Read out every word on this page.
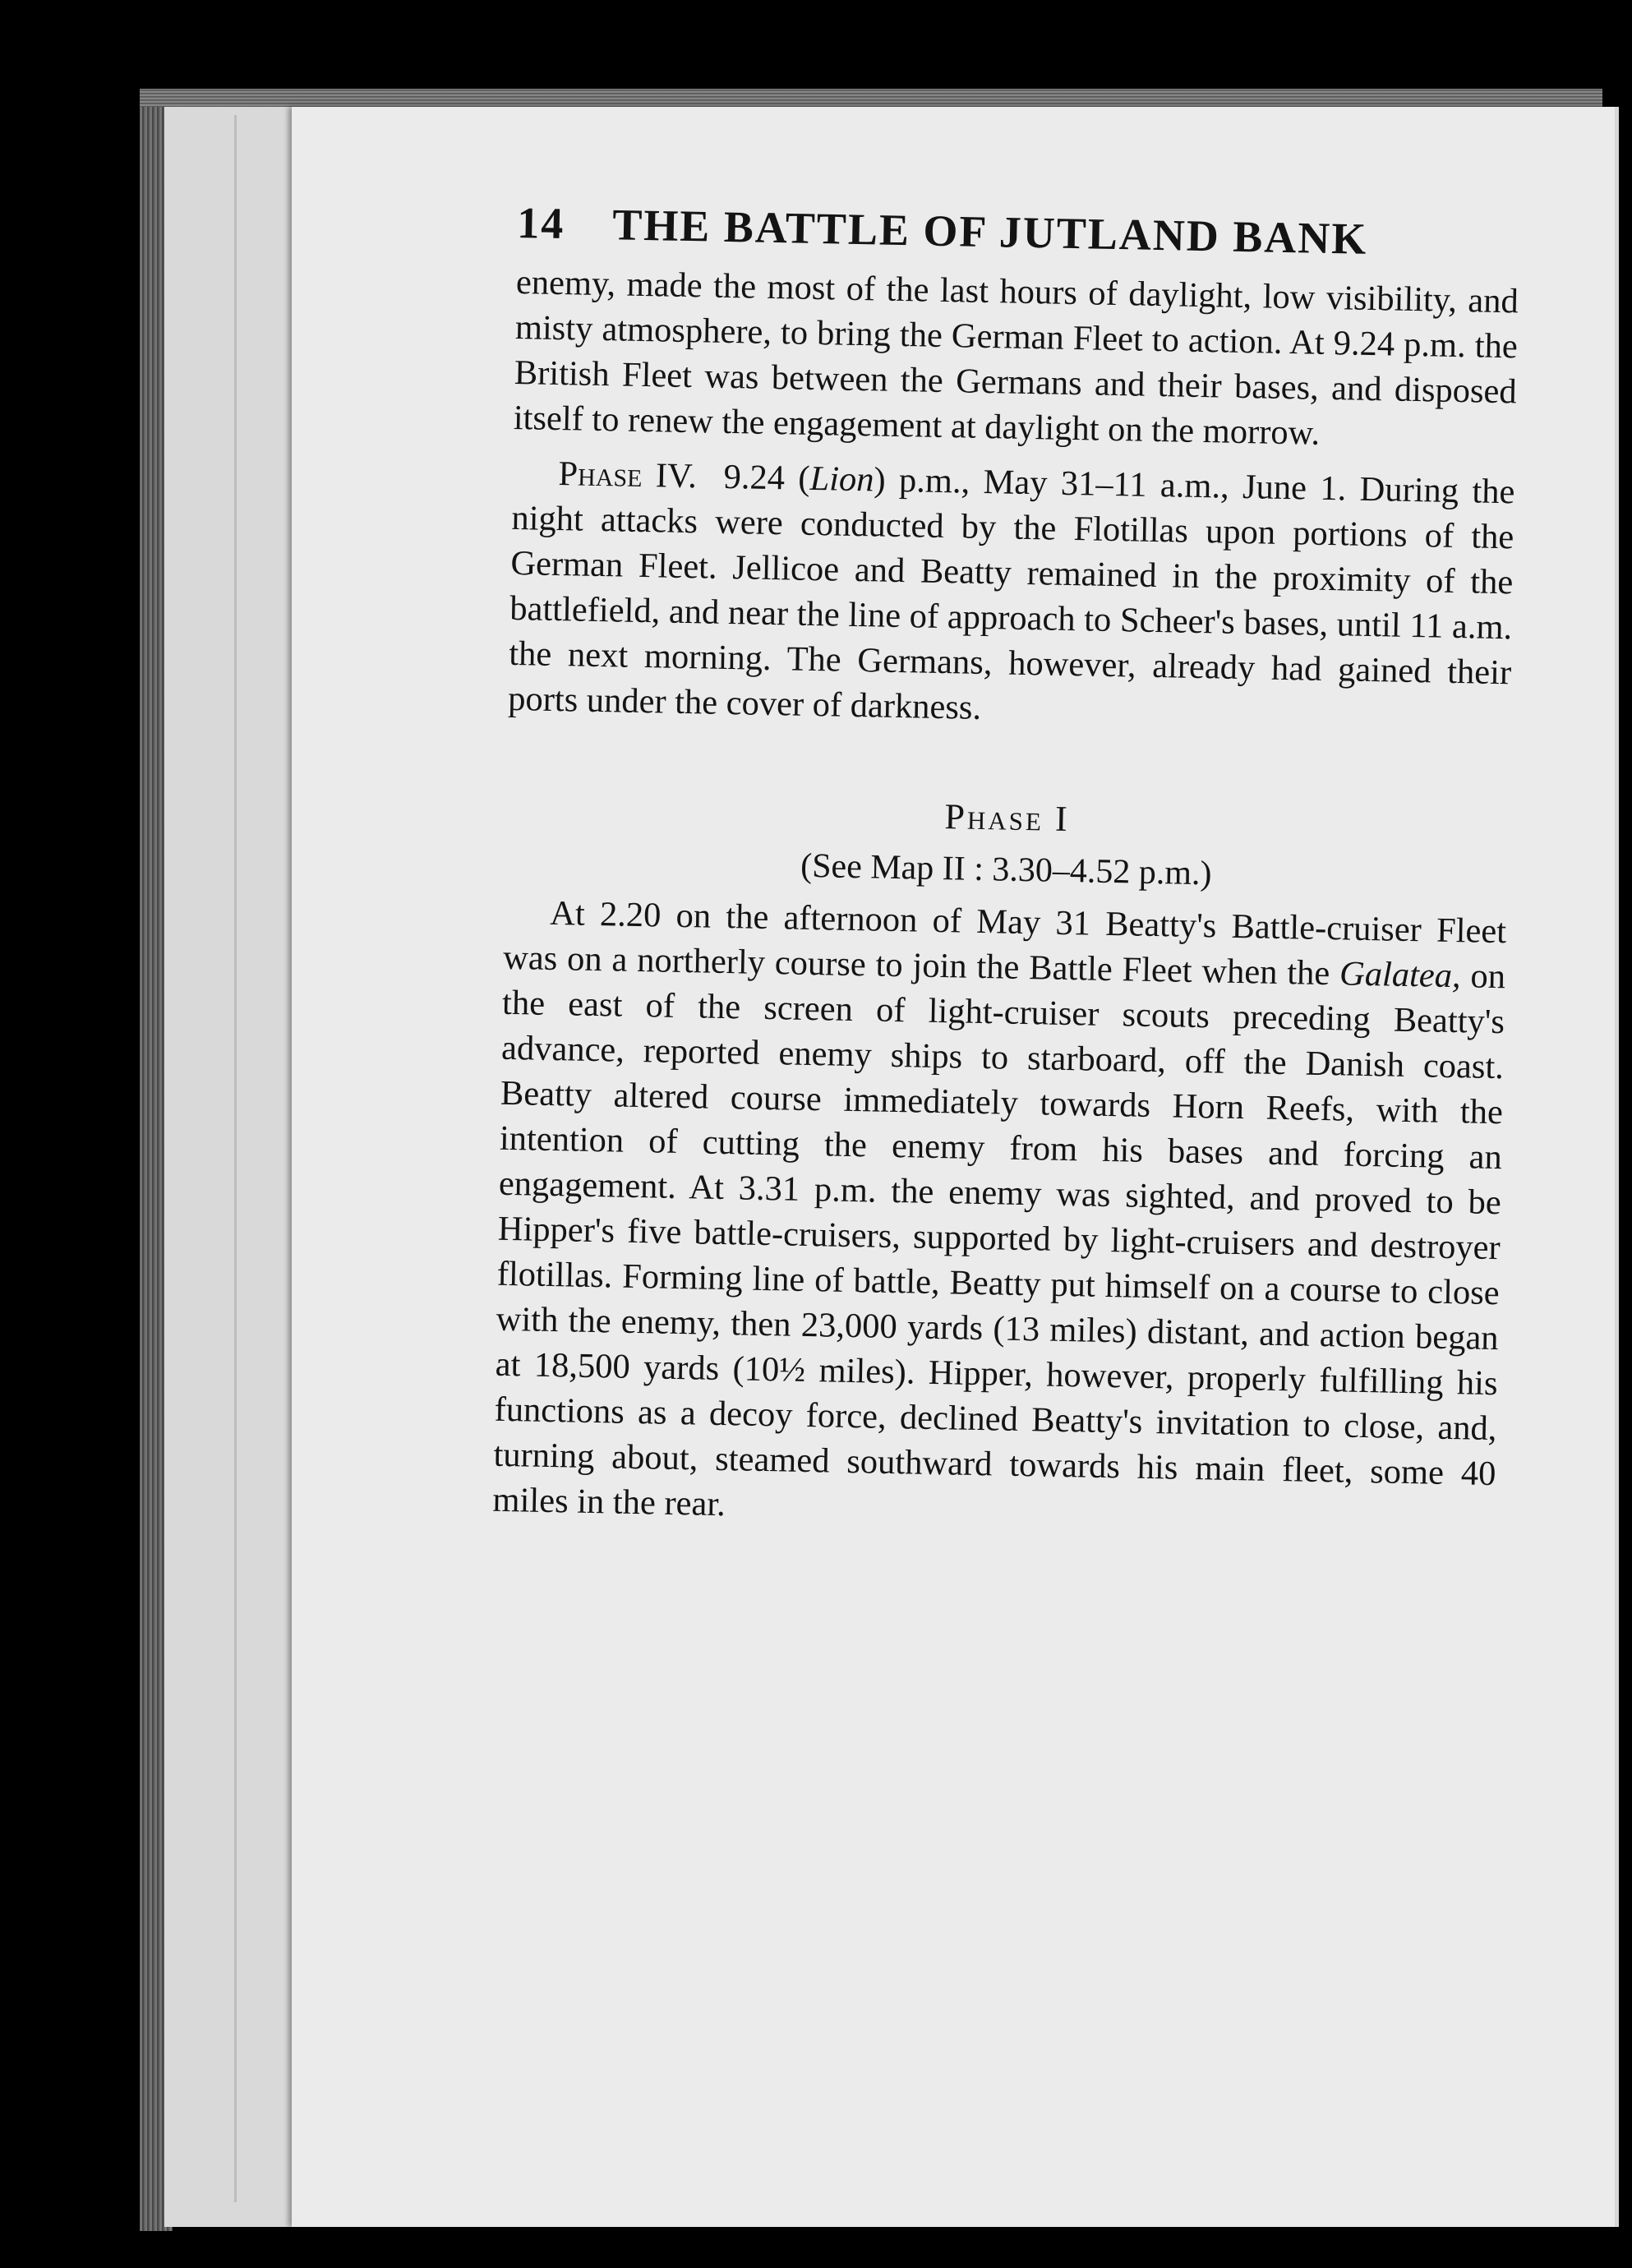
14 THE BATTLE OF JUTLAND BANK

enemy, made the most of the last hours of daylight, low visibility, and misty atmosphere, to bring the German Fleet to action. At 9.24 p.m. the British Fleet was between the Germans and their bases, and disposed itself to renew the engagement at daylight on the morrow.

Phase IV. 9.24 (Lion) p.m., May 31–11 a.m., June 1. During the night attacks were conducted by the Flotillas upon portions of the German Fleet. Jellicoe and Beatty remained in the proximity of the battlefield, and near the line of approach to Scheer's bases, until 11 a.m. the next morning. The Germans, however, already had gained their ports under the cover of darkness.

Phase I
(See Map II : 3.30–4.52 p.m.)

At 2.20 on the afternoon of May 31 Beatty's Battle-cruiser Fleet was on a northerly course to join the Battle Fleet when the Galatea, on the east of the screen of light-cruiser scouts preceding Beatty's advance, reported enemy ships to starboard, off the Danish coast. Beatty altered course immediately towards Horn Reefs, with the intention of cutting the enemy from his bases and forcing an engagement. At 3.31 p.m. the enemy was sighted, and proved to be Hipper's five battle-cruisers, supported by light-cruisers and destroyer flotillas. Forming line of battle, Beatty put himself on a course to close with the enemy, then 23,000 yards (13 miles) distant, and action began at 18,500 yards (10½ miles). Hipper, however, properly fulfilling his functions as a decoy force, declined Beatty's invitation to close, and, turning about, steamed southward towards his main fleet, some 40 miles in the rear.
